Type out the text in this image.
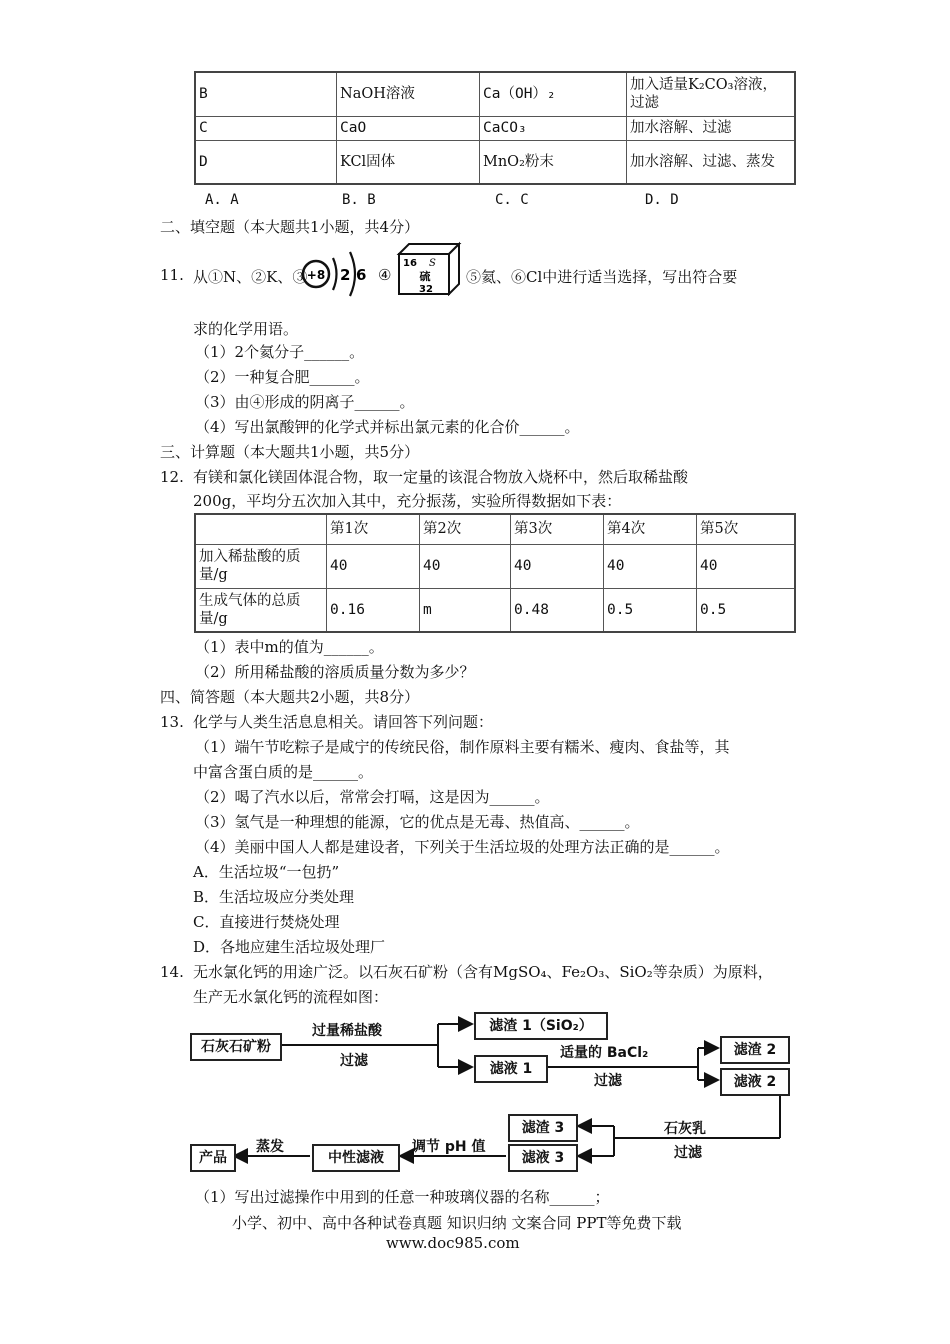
B	NaOH溶液	Ca（OH）₂	加入适量K₂CO₃溶液，过滤
C	CaO	CaCO₃	加水溶解、过滤
D	KCl固体	MnO₂粉末	加水溶解、过滤、蒸发
A. A	B. B	C. C	D. D
二、填空题（本大题共1小题，共4分）
11. 从①N、②K、③ +8 2 6 ④
16 S
硫
32
⑤氦、⑥Cl中进行适当选择，写出符合要
求的化学用语。
（1）2个氦分子______。
（2）一种复合肥______。
（3）由④形成的阴离子______。
（4）写出氯酸钾的化学式并标出氯元素的化合价______。
三、计算题（本大题共1小题，共5分）
12. 有镁和氯化镁固体混合物，取一定量的该混合物放入烧杯中，然后取稀盐酸
200g，平均分五次加入其中，充分振荡，实验所得数据如下表：
	第1次	第2次	第3次	第4次	第5次
加入稀盐酸的质量/g	40	40	40	40	40
生成气体的总质量/g	0.16	m	0.48	0.5	0.5
（1）表中m的值为______。
（2）所用稀盐酸的溶质质量分数为多少？
四、简答题（本大题共2小题，共8分）
13. 化学与人类生活息息相关。请回答下列问题：
（1）端午节吃粽子是咸宁的传统民俗，制作原料主要有糯米、瘦肉、食盐等，其
中富含蛋白质的是______。
（2）喝了汽水以后，常常会打嗝，这是因为______。
（3）氢气是一种理想的能源，它的优点是无毒、热值高、______。
（4）美丽中国人人都是建设者，下列关于生活垃圾的处理方法正确的是______。
A．生活垃圾“一包扔”
B．生活垃圾应分类处理
C．直接进行焚烧处理
D．各地应建生活垃圾处理厂
14. 无水氯化钙的用途广泛。以石灰石矿粉（含有MgSO₄、Fe₂O₃、SiO₂等杂质）为原料，
生产无水氯化钙的流程如图：
石灰石矿粉
过量稀盐酸
过滤
滤渣 1（SiO₂）
滤液 1
适量的 BaCl₂
过滤
滤渣 2
滤液 2
石灰乳
过滤
滤渣 3
滤液 3
调节 pH 值
中性滤液
蒸发
产品
（1）写出过滤操作中用到的任意一种玻璃仪器的名称______；
小学、初中、高中各种试卷真题 知识归纳 文案合同 PPT等免费下载
www.doc985.com
